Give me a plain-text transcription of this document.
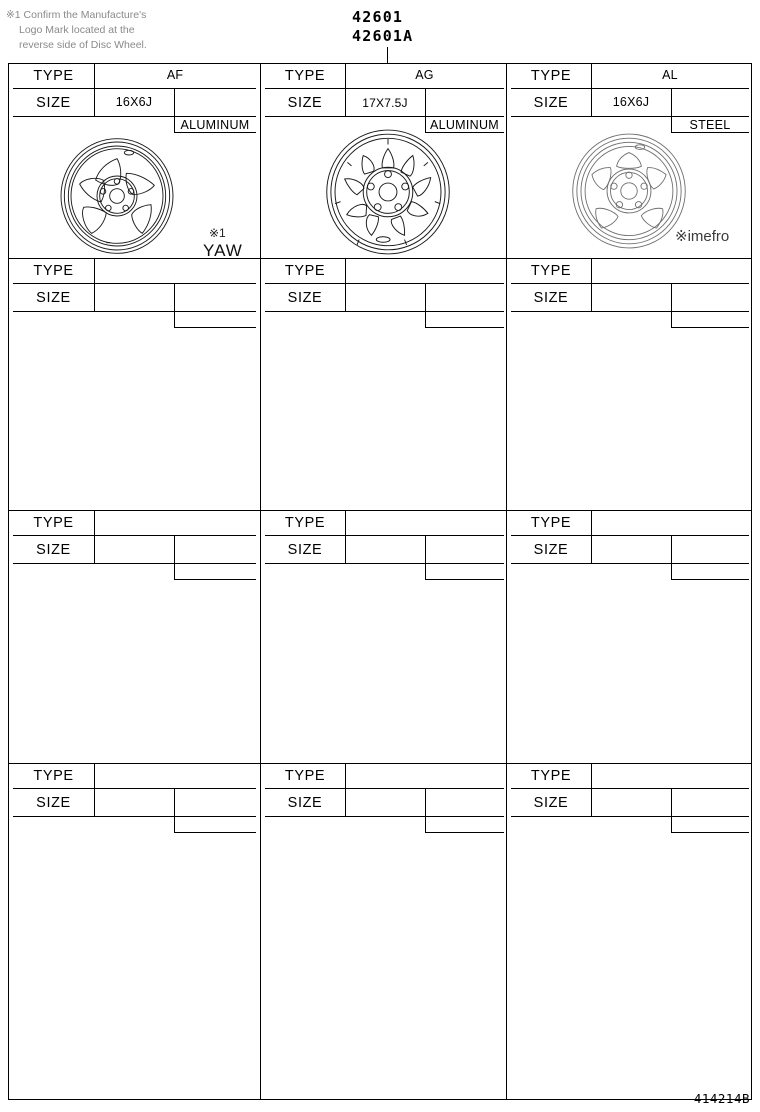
※1 Confirm the Manufacture's
Logo Mark located at the
reverse side of Disc Wheel.
42601
42601A
TYPE
SIZE
AF
16X6J
ALUMINUM
※1
YAW
TYPE
SIZE
AG
17X7.5J
ALUMINUM
TYPE
SIZE
AL
16X6J
STEEL
※imefro
TYPE
SIZE
TYPE
SIZE
TYPE
SIZE
TYPE
SIZE
TYPE
SIZE
TYPE
SIZE
TYPE
SIZE
TYPE
SIZE
TYPE
SIZE
414214B
